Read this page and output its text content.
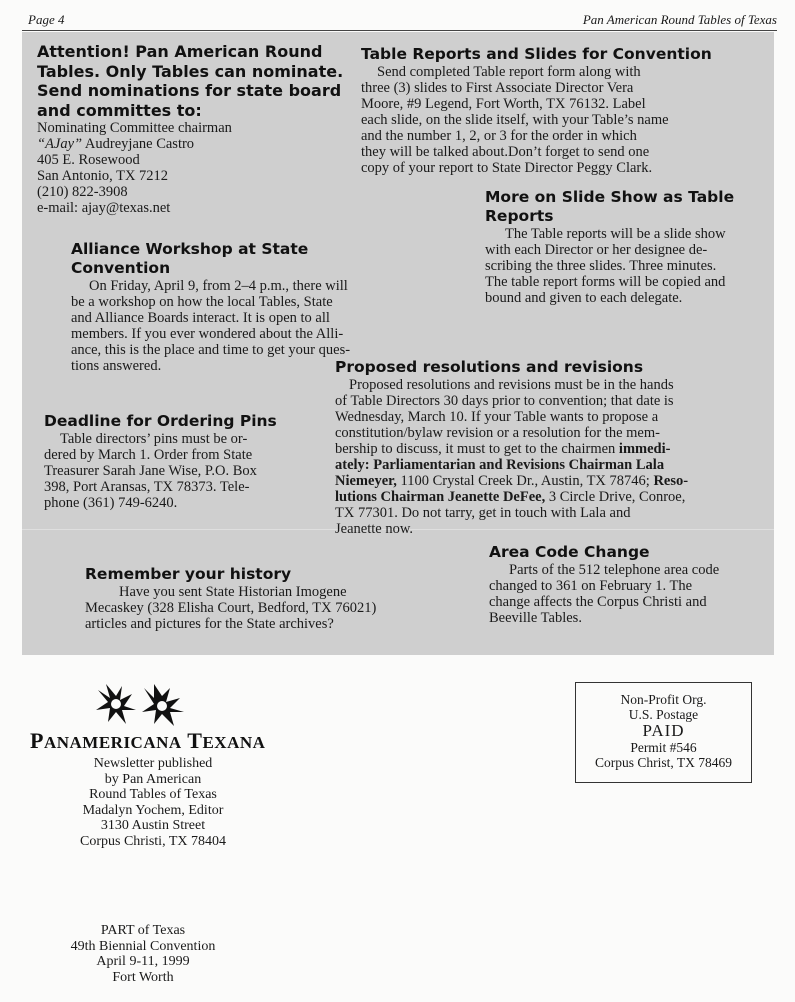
Page 4	Pan American Round Tables of Texas
Attention! Pan American Round
Tables. Only Tables can nominate.
Send nominations for state board
and committes to:

Nominating Committee chairman
“AJay” Audreyjane Castro
405 E. Rosewood
San Antonio, TX 7212
(210) 822-3908
e-mail: ajay@texas.net

Table Reports and Slides for Convention

Send completed Table report form along with
three (3) slides to First Associate Director Vera
Moore, #9 Legend, Fort Worth, TX 76132. Label
each slide, on the slide itself, with your Table’s name
and the number 1, 2, or 3 for the order in which
they will be talked about.Don’t forget to send one
copy of your report to State Director Peggy Clark.

More on Slide Show as Table
Reports

The Table reports will be a slide show
with each Director or her designee de-
scribing the three slides. Three minutes.
The table report forms will be copied and
bound and given to each delegate.

Alliance Workshop at State Convention

On Friday, April 9, from 2–4 p.m., there will
be a workshop on how the local Tables, State
and Alliance Boards interact. It is open to all
members. If you ever wondered about the Alli-
ance, this is the place and time to get your ques-
tions answered.	Proposed resolutions and revisions

Proposed resolutions and revisions must be in the hands
of Table Directors 30 days prior to convention; that date is
Wednesday, March 10. If your Table wants to propose a
constitution/bylaw revision or a resolution for the mem-
bership to discuss, it must to get to the chairmen immedi-
ately: Parliamentarian and Revisions Chairman Lala
Niemeyer, 1100 Crystal Creek Dr., Austin, TX 78746; Reso-
lutions Chairman Jeanette DeFee, 3 Circle Drive, Conroe,
TX 77301. Do not tarry, get in touch with Lala and
Jeanette now.

Deadline for Ordering Pins

Table directors’ pins must be or-
dered by March 1. Order from State
Treasurer Sarah Jane Wise, P.O. Box
398, Port Aransas, TX 78373. Tele-
phone (361) 749-6240.

Area Code Change

Parts of the 512 telephone area code
changed to 361 on February 1. The
change affects the Corpus Christi and
Beeville Tables.

Remember your history

Have you sent State Historian Imogene
Mecaskey (328 Elisha Court, Bedford, TX 76021)
articles and pictures for the State archives?

PANAMERICANA TEXANA

Newsletter published
by Pan American
Round Tables of Texas
Madalyn Yochem, Editor
3130 Austin Street
Corpus Christi, TX 78404

Non-Profit Org.
U.S. Postage
PAID
Permit #546
Corpus Christ, TX 78469

PART of Texas
49th Biennial Convention
April 9-11, 1999
Fort Worth
